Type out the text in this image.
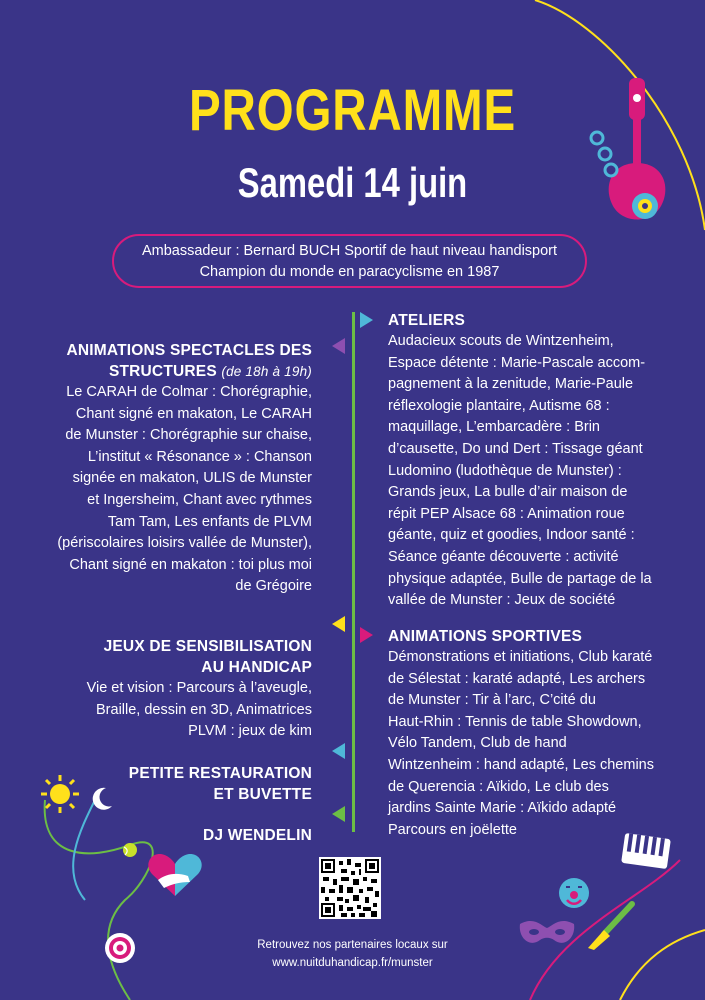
PROGRAMME
Samedi 14 juin
Ambassadeur : Bernard BUCH Sportif de haut niveau handisport
Champion du monde en paracyclisme en 1987
ANIMATIONS SPECTACLES DES
STRUCTURES (de 18h à 19h)
Le CARAH de Colmar : Chorégraphie,
Chant signé en makaton, Le CARAH
de Munster : Chorégraphie sur chaise,
L’institut « Résonance » : Chanson
signée en makaton, ULIS de Munster
et Ingersheim, Chant avec rythmes
Tam Tam, Les enfants de PLVM
(périscolaires loisirs vallée de Munster),
Chant signé en makaton : toi plus moi
de Grégoire
JEUX DE SENSIBILISATION
AU HANDICAP
Vie et vision : Parcours à l’aveugle,
Braille, dessin en 3D, Animatrices
PLVM : jeux de kim
PETITE RESTAURATION
ET BUVETTE
DJ WENDELIN
ATELIERS
Audacieux scouts de Wintzenheim,
Espace détente : Marie-Pascale accom-
pagnement à la zenitude, Marie-Paule
réflexologie plantaire, Autisme 68 :
maquillage, L’embarcadère : Brin
d’causette, Do und Dert : Tissage géant
Ludomino (ludothèque de Munster) :
Grands jeux, La bulle d’air maison de
répit PEP Alsace 68 : Animation roue
géante, quiz et goodies, Indoor santé :
Séance géante découverte : activité
physique adaptée, Bulle de partage de la
vallée de Munster : Jeux de société
ANIMATIONS SPORTIVES
Démonstrations et initiations, Club karaté
de Sélestat : karaté adapté, Les archers
de Munster : Tir à l’arc, C’cité du
Haut-Rhin : Tennis de table Showdown,
Vélo Tandem, Club de hand
Wintzenheim : hand adapté, Les chemins
de Querencia : Aïkido, Le club des
jardins Sainte Marie : Aïkido adapté
Parcours en joëlette
Retrouvez nos partenaires locaux sur
www.nuitduhandicap.fr/munster
